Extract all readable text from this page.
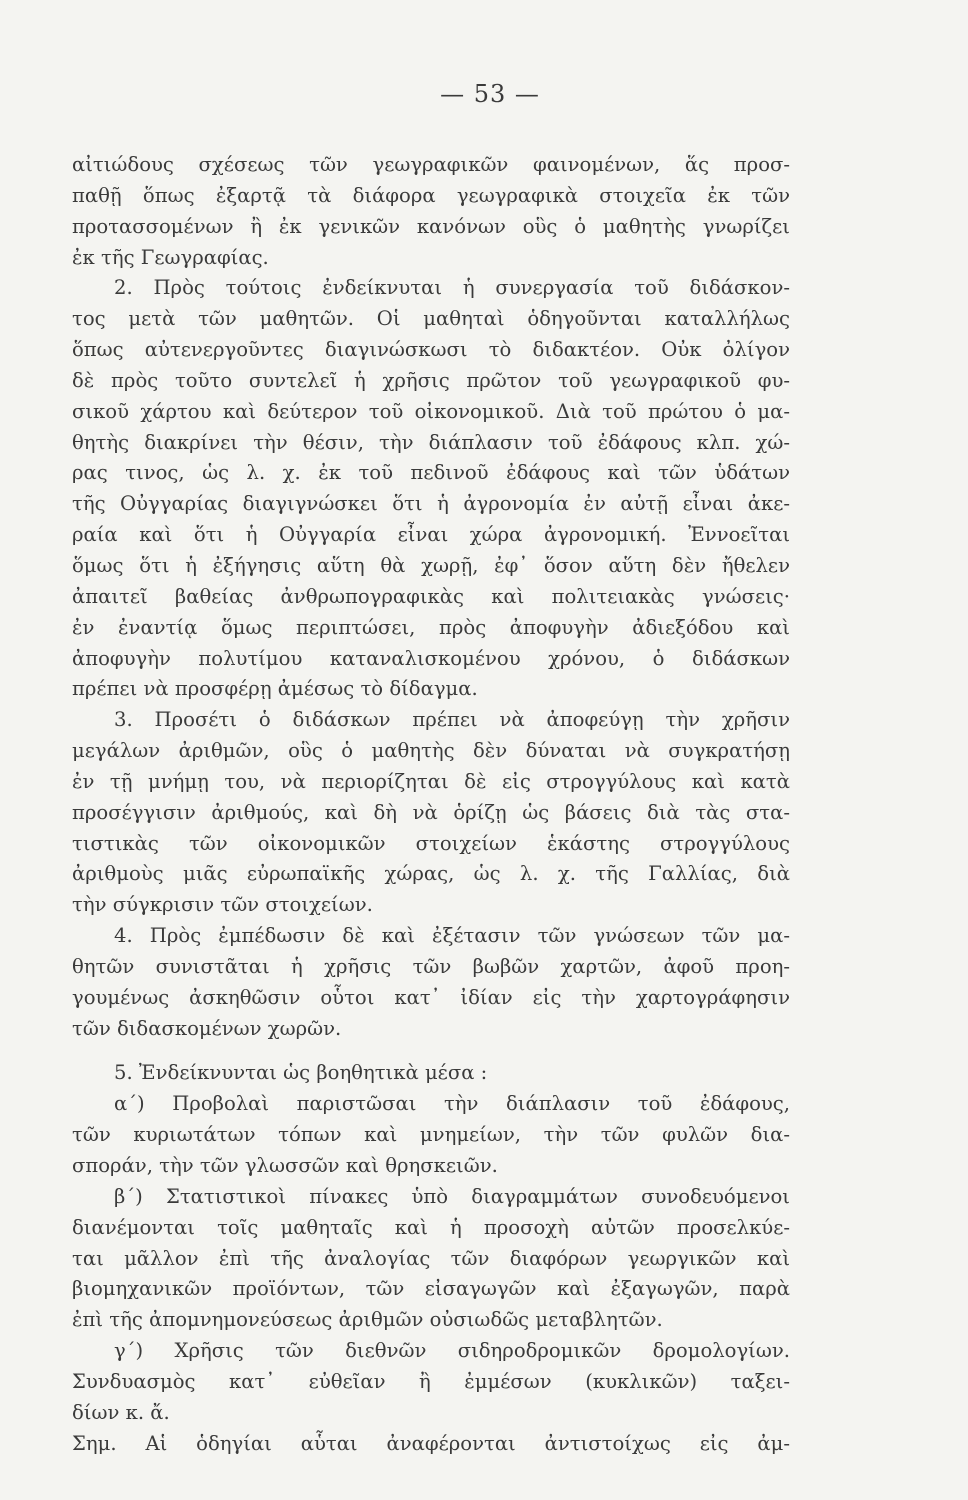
— 53 —
αἰτιώδους σχέσεως τῶν γεωγραφικῶν φαινομένων, ἅς προσ-
παθῇ ὅπως ἐξαρτᾷ τὰ διάφορα γεωγραφικὰ στοιχεῖα ἐκ τῶν
προτασσομένων ἢ ἐκ γενικῶν κανόνων οὓς ὁ μαθητὴς γνωρίζει
ἐκ τῆς Γεωγραφίας.
2. Πρὸς τούτοις ἐνδείκνυται ἡ συνεργασία τοῦ διδάσκον-
τος μετὰ τῶν μαθητῶν. Οἱ μαθηταὶ ὁδηγοῦνται καταλλήλως
ὅπως αὐτενεργοῦντες διαγινώσκωσι τὸ διδακτέον. Οὐκ ὀλίγον
δὲ πρὸς τοῦτο συντελεῖ ἡ χρῆσις πρῶτον τοῦ γεωγραφικοῦ φυ-
σικοῦ χάρτου καὶ δεύτερον τοῦ οἰκονομικοῦ. Διὰ τοῦ πρώτου ὁ μα-
θητὴς διακρίνει τὴν θέσιν, τὴν διάπλασιν τοῦ ἐδάφους κλπ. χώ-
ρας τινος, ὡς λ. χ. ἐκ τοῦ πεδινοῦ ἐδάφους καὶ τῶν ὑδάτων
τῆς Οὐγγαρίας διαγιγνώσκει ὅτι ἡ ἀγρονομία ἐν αὐτῇ εἶναι ἀκε-
ραία καὶ ὅτι ἡ Οὐγγαρία εἶναι χώρα ἀγρονομική. Ἐννοεῖται
ὅμως ὅτι ἡ ἐξήγησις αὕτη θὰ χωρῇ, ἐφ᾽ ὅσον αὕτη δὲν ἤθελεν
ἀπαιτεῖ βαθείας ἀνθρωπογραφικὰς καὶ πολιτειακὰς γνώσεις·
ἐν ἐναντίᾳ ὅμως περιπτώσει, πρὸς ἀποφυγὴν ἀδιεξόδου καὶ
ἀποφυγὴν πολυτίμου καταναλισκομένου χρόνου, ὁ διδάσκων
πρέπει νὰ προσφέρῃ ἀμέσως τὸ δίδαγμα.
3. Προσέτι ὁ διδάσκων πρέπει νὰ ἀποφεύγῃ τὴν χρῆσιν
μεγάλων ἀριθμῶν, οὓς ὁ μαθητὴς δὲν δύναται νὰ συγκρατήσῃ
ἐν τῇ μνήμῃ του, νὰ περιορίζηται δὲ εἰς στρογγύλους καὶ κατὰ
προσέγγισιν ἀριθμούς, καὶ δὴ νὰ ὁρίζῃ ὡς βάσεις διὰ τὰς στα-
τιστικὰς τῶν οἰκονομικῶν στοιχείων ἑκάστης στρογγύλους
ἀριθμοὺς μιᾶς εὐρωπαϊκῆς χώρας, ὡς λ. χ. τῆς Γαλλίας, διὰ
τὴν σύγκρισιν τῶν στοιχείων.
4. Πρὸς ἐμπέδωσιν δὲ καὶ ἐξέτασιν τῶν γνώσεων τῶν μα-
θητῶν συνιστᾶται ἡ χρῆσις τῶν βωβῶν χαρτῶν, ἀφοῦ προη-
γουμένως ἀσκηθῶσιν οὗτοι κατ᾽ ἰδίαν εἰς τὴν χαρτογράφησιν
τῶν διδασκομένων χωρῶν.
5. Ἐνδείκνυνται ὡς βοηθητικὰ μέσα :
α΄) Προβολαὶ παριστῶσαι τὴν διάπλασιν τοῦ ἐδάφους,
τῶν κυριωτάτων τόπων καὶ μνημείων, τὴν τῶν φυλῶν δια-
σποράν, τὴν τῶν γλωσσῶν καὶ θρησκειῶν.
β΄) Στατιστικοὶ πίνακες ὑπὸ διαγραμμάτων συνοδευόμενοι
διανέμονται τοῖς μαθηταῖς καὶ ἡ προσοχὴ αὐτῶν προσελκύε-
ται μᾶλλον ἐπὶ τῆς ἀναλογίας τῶν διαφόρων γεωργικῶν καὶ
βιομηχανικῶν προϊόντων, τῶν εἰσαγωγῶν καὶ ἐξαγωγῶν, παρὰ
ἐπὶ τῆς ἀπομνημονεύσεως ἀριθμῶν οὐσιωδῶς μεταβλητῶν.
γ΄) Χρῆσις τῶν διεθνῶν σιδηροδρομικῶν δρομολογίων.
Συνδυασμὸς κατ᾽ εὐθεῖαν ἢ ἐμμέσων (κυκλικῶν) ταξει-
δίων κ. ἄ.
Σημ. Αἱ ὁδηγίαι αὗται ἀναφέρονται ἀντιστοίχως εἰς ἀμ-
